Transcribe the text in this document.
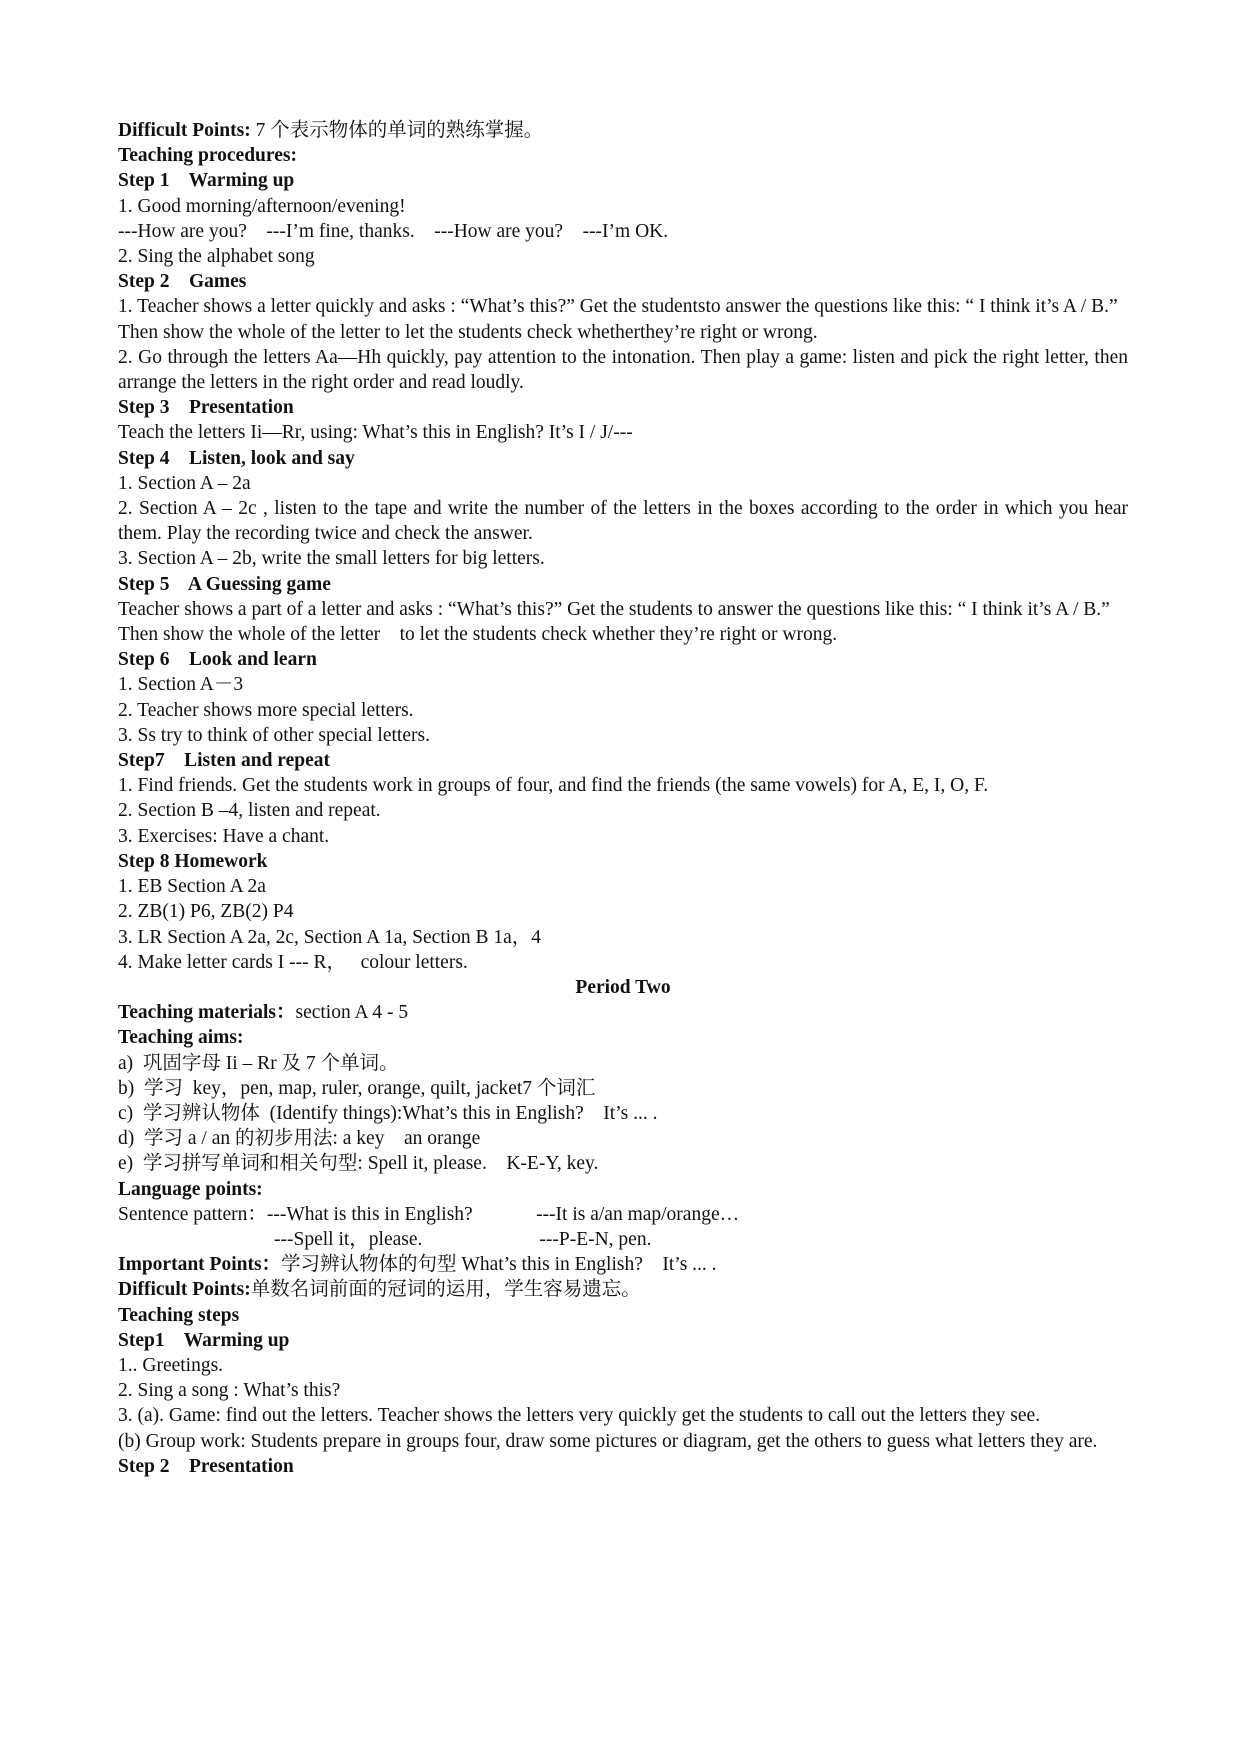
Difficult Points: 7 个表示物体的单词的熟练掌握。
Teaching procedures:
Step 1    Warming up
1. Good morning/afternoon/evening!
---How are you?    ---I’m fine, thanks.    ---How are you?    ---I’m OK.
2. Sing the alphabet song
Step 2    Games
1. Teacher shows a letter quickly and asks : “What’s this?” Get the studentsto answer the questions like this: “ I think it’s A / B.”
Then show the whole of the letter to let the students check whetherthey’re right or wrong.
2. Go through the letters Aa—Hh quickly, pay attention to the intonation. Then play a game: listen and pick the right letter, then arrange the letters in the right order and read loudly.
Step 3    Presentation
Teach the letters Ii—Rr, using: What’s this in English? It’s I / J/---
Step 4    Listen, look and say
1. Section A – 2a
2. Section A – 2c , listen to the tape and write the number of the letters in the boxes according to the order in which you hear them. Play the recording twice and check the answer.
3. Section A – 2b, write the small letters for big letters.
Step 5    A Guessing game
Teacher shows a part of a letter and asks : “What’s this?” Get the students to answer the questions like this: “ I think it’s A / B.”
Then show the whole of the letter    to let the students check whether they’re right or wrong.
Step 6    Look and learn
1. Section A－3
2. Teacher shows more special letters.
3. Ss try to think of other special letters.
Step7    Listen and repeat
1. Find friends. Get the students work in groups of four, and find the friends (the same vowels) for A, E, I, O, F.
2. Section B –4, listen and repeat.
3. Exercises: Have a chant.
Step 8 Homework
1. EB Section A 2a
2. ZB(1) P6, ZB(2) P4
3. LR Section A 2a, 2c, Section A 1a, Section B 1a，4
4. Make letter cards I --- R，   colour letters.
Period Two
Teaching materials：section A 4 - 5
Teaching aims:
a)  巩固字母 Ii – Rr 及 7 个单词。
b)  学习  key，pen, map, ruler, orange, quilt, jacket7 个词汇
c)  学习辨认物体  (Identify things):What’s this in English?    It’s ... .
d)  学习 a / an 的初步用法: a key    an orange
e)  学习拼写单词和相关句型: Spell it, please.    K-E-Y, key.
Language points:
Sentence pattern：---What is this in English?             ---It is a/an map/orange…
---Spell it，please.                        ---P-E-N, pen.
Important Points：学习辨认物体的句型 What’s this in English?    It’s ... .
Difficult Points:单数名词前面的冠词的运用，学生容易遗忘。
Teaching steps
Step1    Warming up
1.. Greetings.
2. Sing a song : What’s this?
3. (a). Game: find out the letters. Teacher shows the letters very quickly get the students to call out the letters they see.
(b) Group work: Students prepare in groups four, draw some pictures or diagram, get the others to guess what letters they are.
Step 2    Presentation
